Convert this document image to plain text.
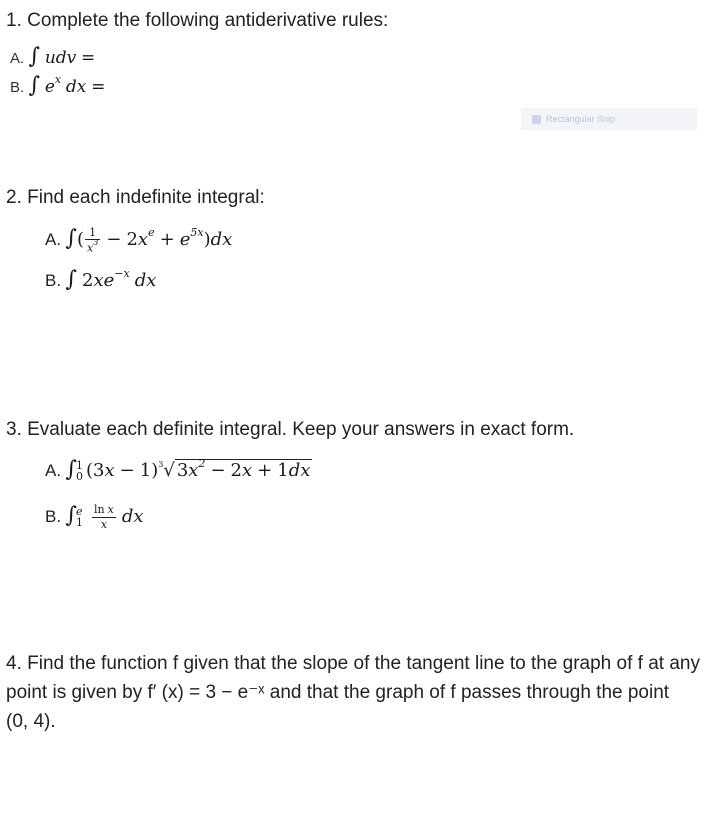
1. Complete the following antiderivative rules:
A. ∫ udv =
B. ∫ $e^x$ dx =
Rectangular Snip
2. Find each indefinite integral:
A. ∫( $\frac{1}{x^3} - 2x^e + e^{5x})dx$
B. ∫ $2xe^{-x}$ dx
3. Evaluate each definite integral. Keep your answers in exact form.
A. ∫ 1
0 $(3x - 1)^3√$ $3x^2 - 2x + 1dx$
B. ∫ e
1
$\frac{\text{ln x}}{x}$ dx
4. Find the function f given that the slope of the tangent line to the graph of f at any
point is given by f′ (x) = 3 − e⁻ˣ and that the graph of f passes through the point
(0, 4).
